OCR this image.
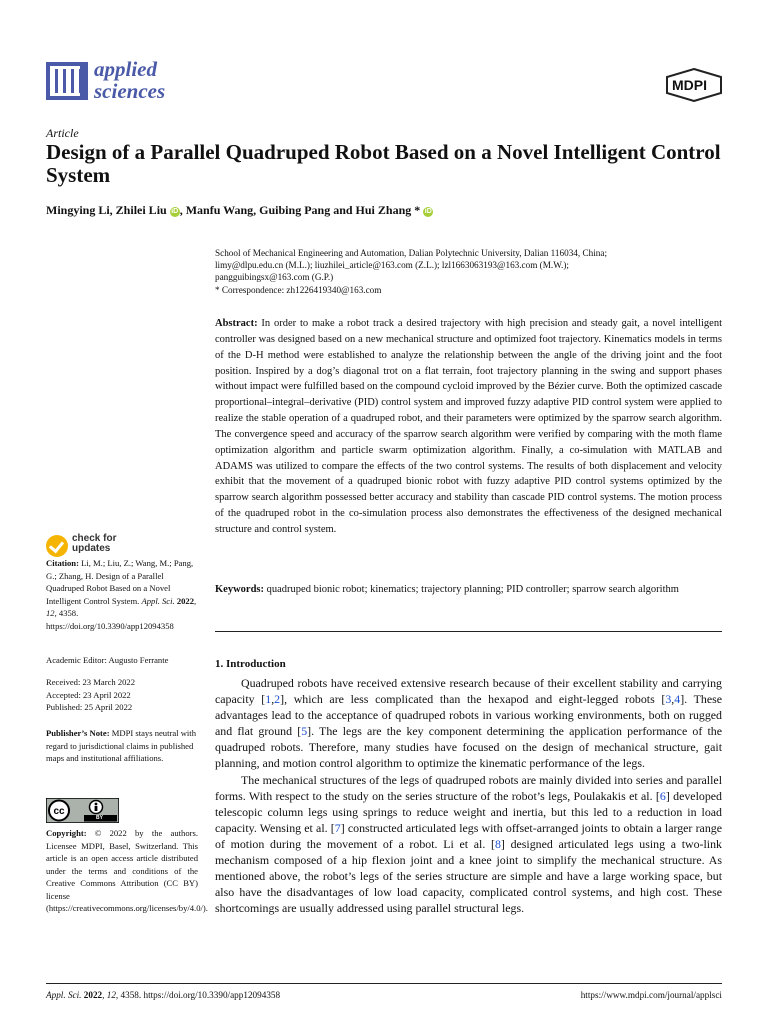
applied
sciences	MDPI
Article
Design of a Parallel Quadruped Robot Based on a Novel Intelligent Control System
Mingying Li, Zhilei Liu iD , Manfu Wang, Guibing Pang and Hui Zhang * iD
School of Mechanical Engineering and Automation, Dalian Polytechnic University, Dalian 116034, China;
limy@dlpu.edu.cn (M.L.); liuzhilei_article@163.com (Z.L.); lzl1663063193@163.com (M.W.);
pangguibingsx@163.com (G.P.)
* Correspondence: zh1226419340@163.com
Abstract: In order to make a robot track a desired trajectory with high precision and steady gait, a novel intelligent controller was designed based on a new mechanical structure and optimized foot trajectory. Kinematics models in terms of the D-H method were established to analyze the relationship between the angle of the driving joint and the foot position. Inspired by a dog’s diagonal trot on a flat terrain, foot trajectory planning in the swing and support phases without impact were fulfilled based on the compound cycloid improved by the Bézier curve. Both the optimized cascade proportional–integral–derivative (PID) control system and improved fuzzy adaptive PID control system were applied to realize the stable operation of a quadruped robot, and their parameters were optimized by the sparrow search algorithm. The convergence speed and accuracy of the sparrow search algorithm were verified by comparing with the moth flame optimization algorithm and particle swarm optimization algorithm. Finally, a co-simulation with MATLAB and ADAMS was utilized to compare the effects of the two control systems. The results of both displacement and velocity exhibit that the movement of a quadruped bionic robot with fuzzy adaptive PID control systems optimized by the sparrow search algorithm possessed better accuracy and stability than cascade PID control systems. The motion process of the quadruped robot in the co-simulation process also demonstrates the effectiveness of the designed mechanical structure and control system.
Keywords: quadruped bionic robot; kinematics; trajectory planning; PID controller; sparrow search algorithm
1. Introduction

Quadruped robots have received extensive research because of their excellent stability and carrying capacity [1,2], which are less complicated than the hexapod and eight-legged robots [3,4]. These advantages lead to the acceptance of quadruped robots in various working environments, both on rugged and flat ground [5]. The legs are the key component determining the application performance of the quadruped robots. Therefore, many studies have focused on the design of mechanical structure, gait planning, and motion control algorithm to optimize the kinematic performance of the legs.

The mechanical structures of the legs of quadruped robots are mainly divided into series and parallel forms. With respect to the study on the series structure of the robot’s legs, Poulakakis et al. [6] developed telescopic column legs using springs to reduce weight and inertia, but this led to a reduction in load capacity. Wensing et al. [7] constructed articulated legs with offset-arranged joints to obtain a larger range of motion during the movement of a robot. Li et al. [8] designed articulated legs using a two-link mechanism composed of a hip flexion joint and a knee joint to simplify the mechanical structure. As mentioned above, the robot’s legs of the series structure are simple and have a large working space, but also have the disadvantages of low load capacity, complicated control systems, and high cost. These shortcomings are usually addressed using parallel structural legs.

check for
updates
Citation: Li, M.; Liu, Z.; Wang, M.; Pang, G.; Zhang, H. Design of a Parallel Quadruped Robot Based on a Novel Intelligent Control System. Appl. Sci. 2022, 12, 4358. https://doi.org/10.3390/app12094358
Academic Editor: Augusto Ferrante
Received: 23 March 2022
Accepted: 23 April 2022
Published: 25 April 2022
Publisher’s Note: MDPI stays neutral with regard to jurisdictional claims in published maps and institutional affiliations.
cc
BY
Copyright: © 2022 by the authors. Licensee MDPI, Basel, Switzerland. This article is an open access article distributed under the terms and conditions of the Creative Commons Attribution (CC BY) license (https://creativecommons.org/licenses/by/4.0/).
Appl. Sci. 2022, 12, 4358. https://doi.org/10.3390/app12094358	https://www.mdpi.com/journal/applsci
